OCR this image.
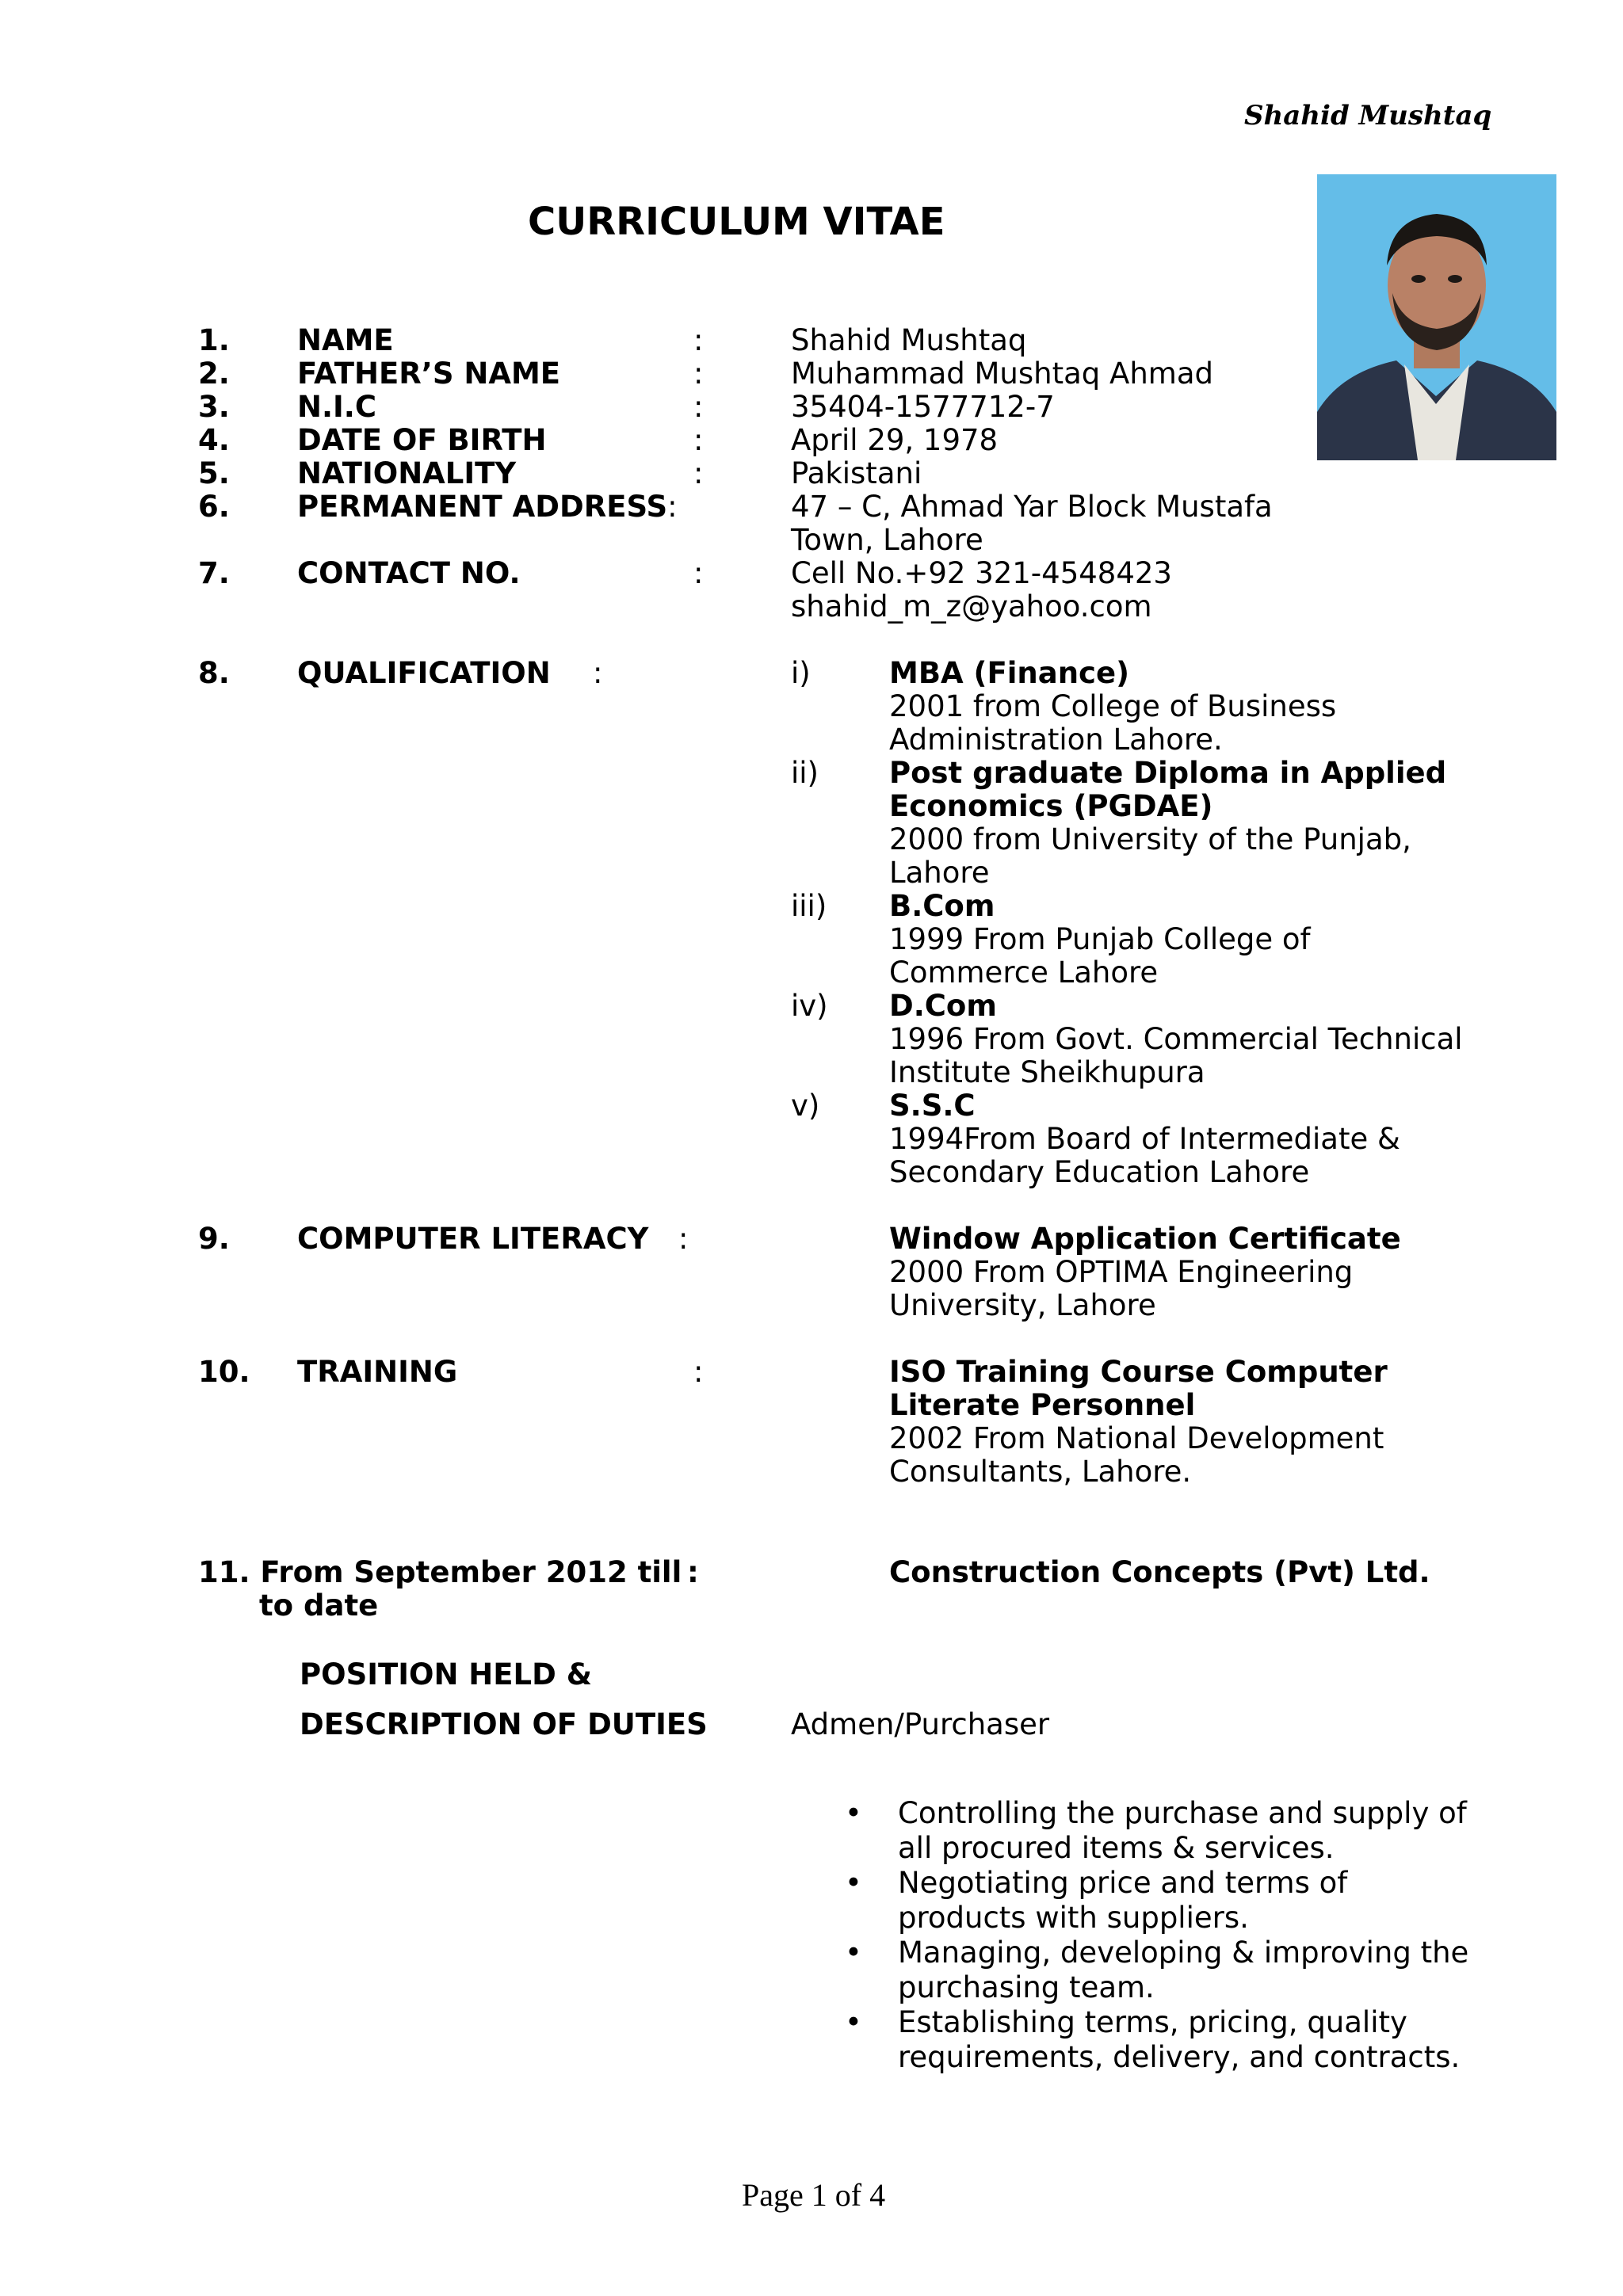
Shahid Mushtaq
CURRICULUM VITAE
1. NAME	:	Shahid Mushtaq
2. FATHER’S NAME	:	Muhammad Mushtaq Ahmad
3. N.I.C	:	35404-1577712-7
4. DATE OF BIRTH	:	April 29, 1978
5. NATIONALITY	:	Pakistani
6. PERMANENT ADDRESS:	47 – C, Ahmad Yar Block Mustafa
Town, Lahore
7. CONTACT NO.	:	Cell No.+92 321-4548423
shahid_m_z@yahoo.com
8. QUALIFICATION :	i)	MBA (Finance)
2001 from College of Business
Administration Lahore.
ii) Post graduate Diploma in Applied
Economics (PGDAE)
2000 from University of the Punjab,
Lahore
iii) B.Com
1999 From Punjab College of
Commerce Lahore
iv) D.Com
1996 From Govt. Commercial Technical
Institute Sheikhupura
v) S.S.C
1994From Board of Intermediate &
Secondary Education Lahore
9. COMPUTER LITERACY :	Window Application Certificate
2000 From OPTIMA Engineering
University, Lahore
10. TRAINING	:	ISO Training Course Computer
Literate Personnel
2002 From National Development
Consultants, Lahore.
11. From September 2012 till
to date
:	Construction Concepts (Pvt) Ltd.
POSITION HELD &
DESCRIPTION OF DUTIES	Admen/Purchaser
• Controlling the purchase and supply of
all procured items & services.
• Negotiating price and terms of
products with suppliers.
• Managing, developing & improving the
purchasing team.
• Establishing terms, pricing, quality
requirements, delivery, and contracts.
Page 1 of 4
